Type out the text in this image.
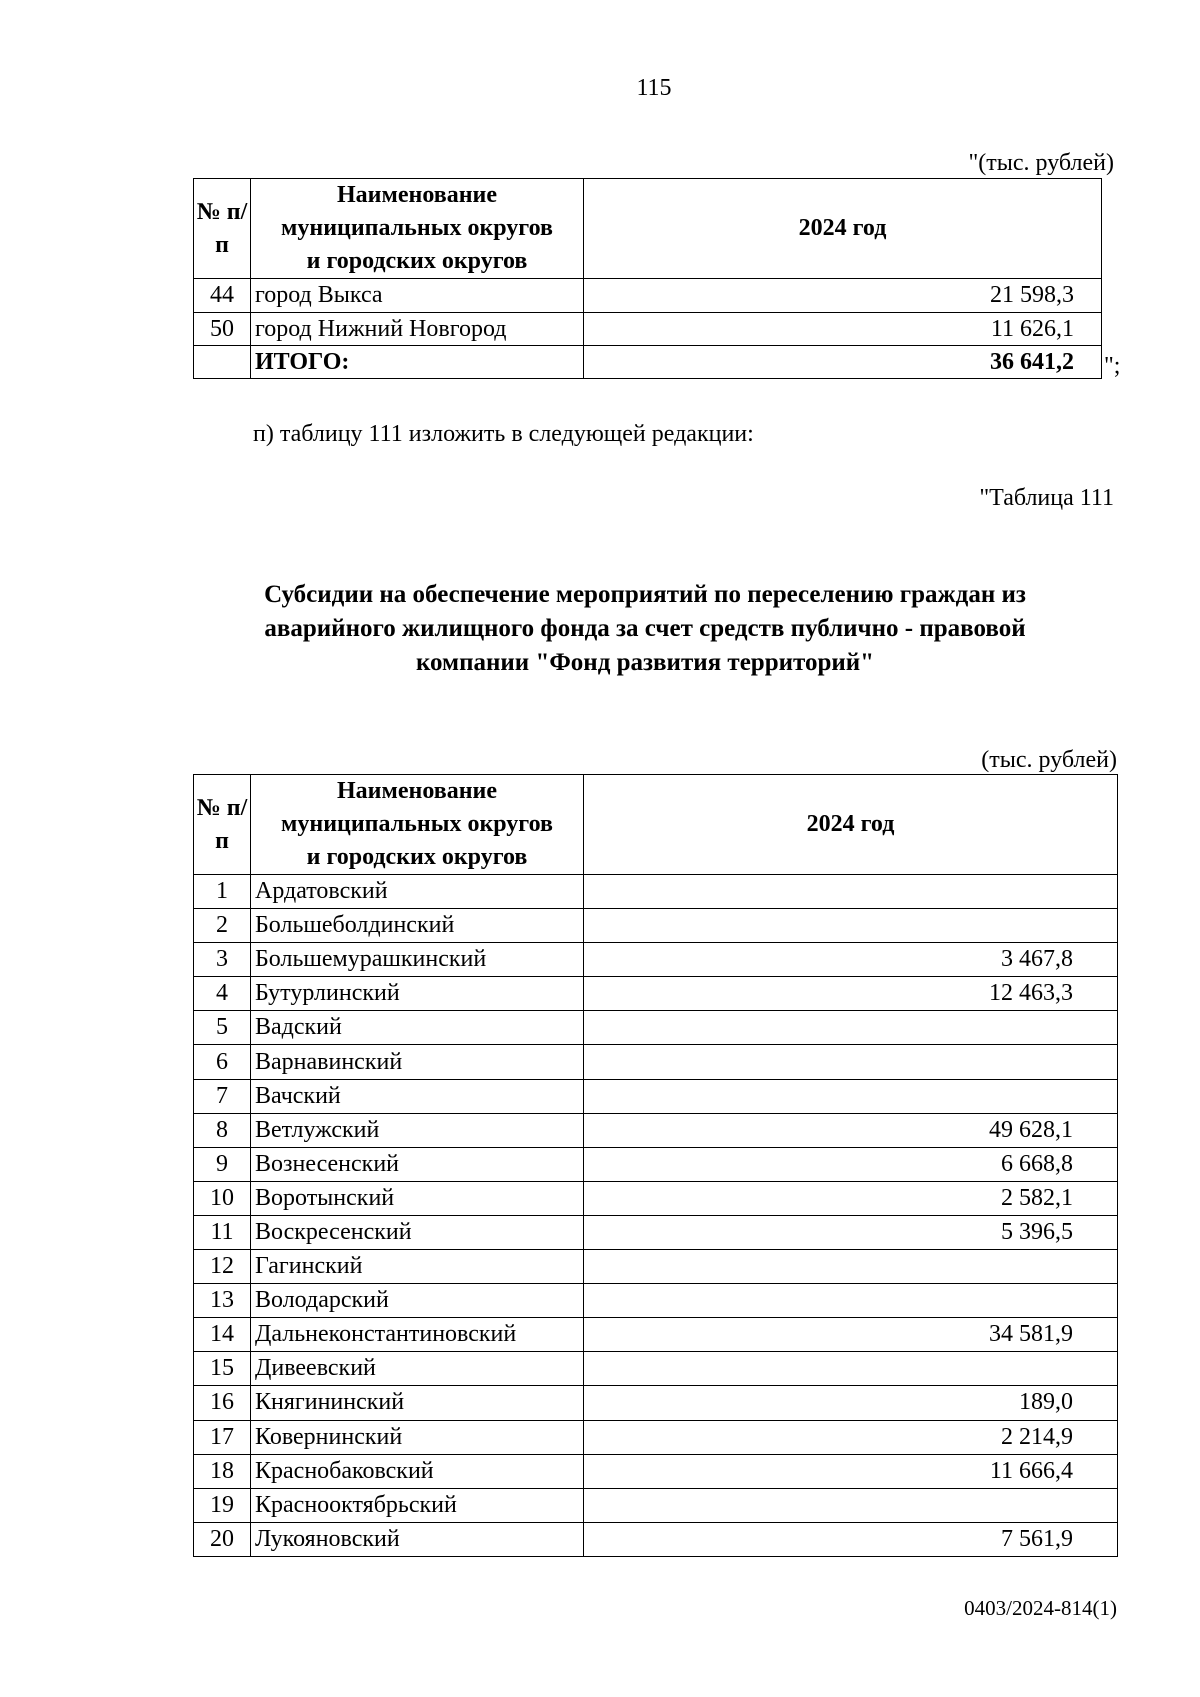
115
"(тыс. рублей)
№ п/п	Наименование
муниципальных округов
и городских округов	2024 год
44	город Выкса	21 598,3
50	город Нижний Новгород	11 626,1
	ИТОГО:	36 641,2 ";
п) таблицу 111 изложить в следующей редакции:
"Таблица 111
Субсидии на обеспечение мероприятий по переселению граждан из
аварийного жилищного фонда за счет средств публично - правовой
компании "Фонд развития территорий"
(тыс. рублей)
№ п/п	Наименование
муниципальных округов
и городских округов	2024 год
1	Ардатовский	
2	Большеболдинский	
3	Большемурашкинский	3 467,8
4	Бутурлинский	12 463,3
5	Вадский	
6	Варнавинский	
7	Вачский	
8	Ветлужский	49 628,1
9	Вознесенский	6 668,8
10	Воротынский	2 582,1
11	Воскресенский	5 396,5
12	Гагинский	
13	Володарский	
14	Дальнеконстантиновский	34 581,9
15	Дивеевский	
16	Княгининский	189,0
17	Ковернинский	2 214,9
18	Краснобаковский	11 666,4
19	Краснооктябрьский	
20	Лукояновский	7 561,9
0403/2024-814(1)
